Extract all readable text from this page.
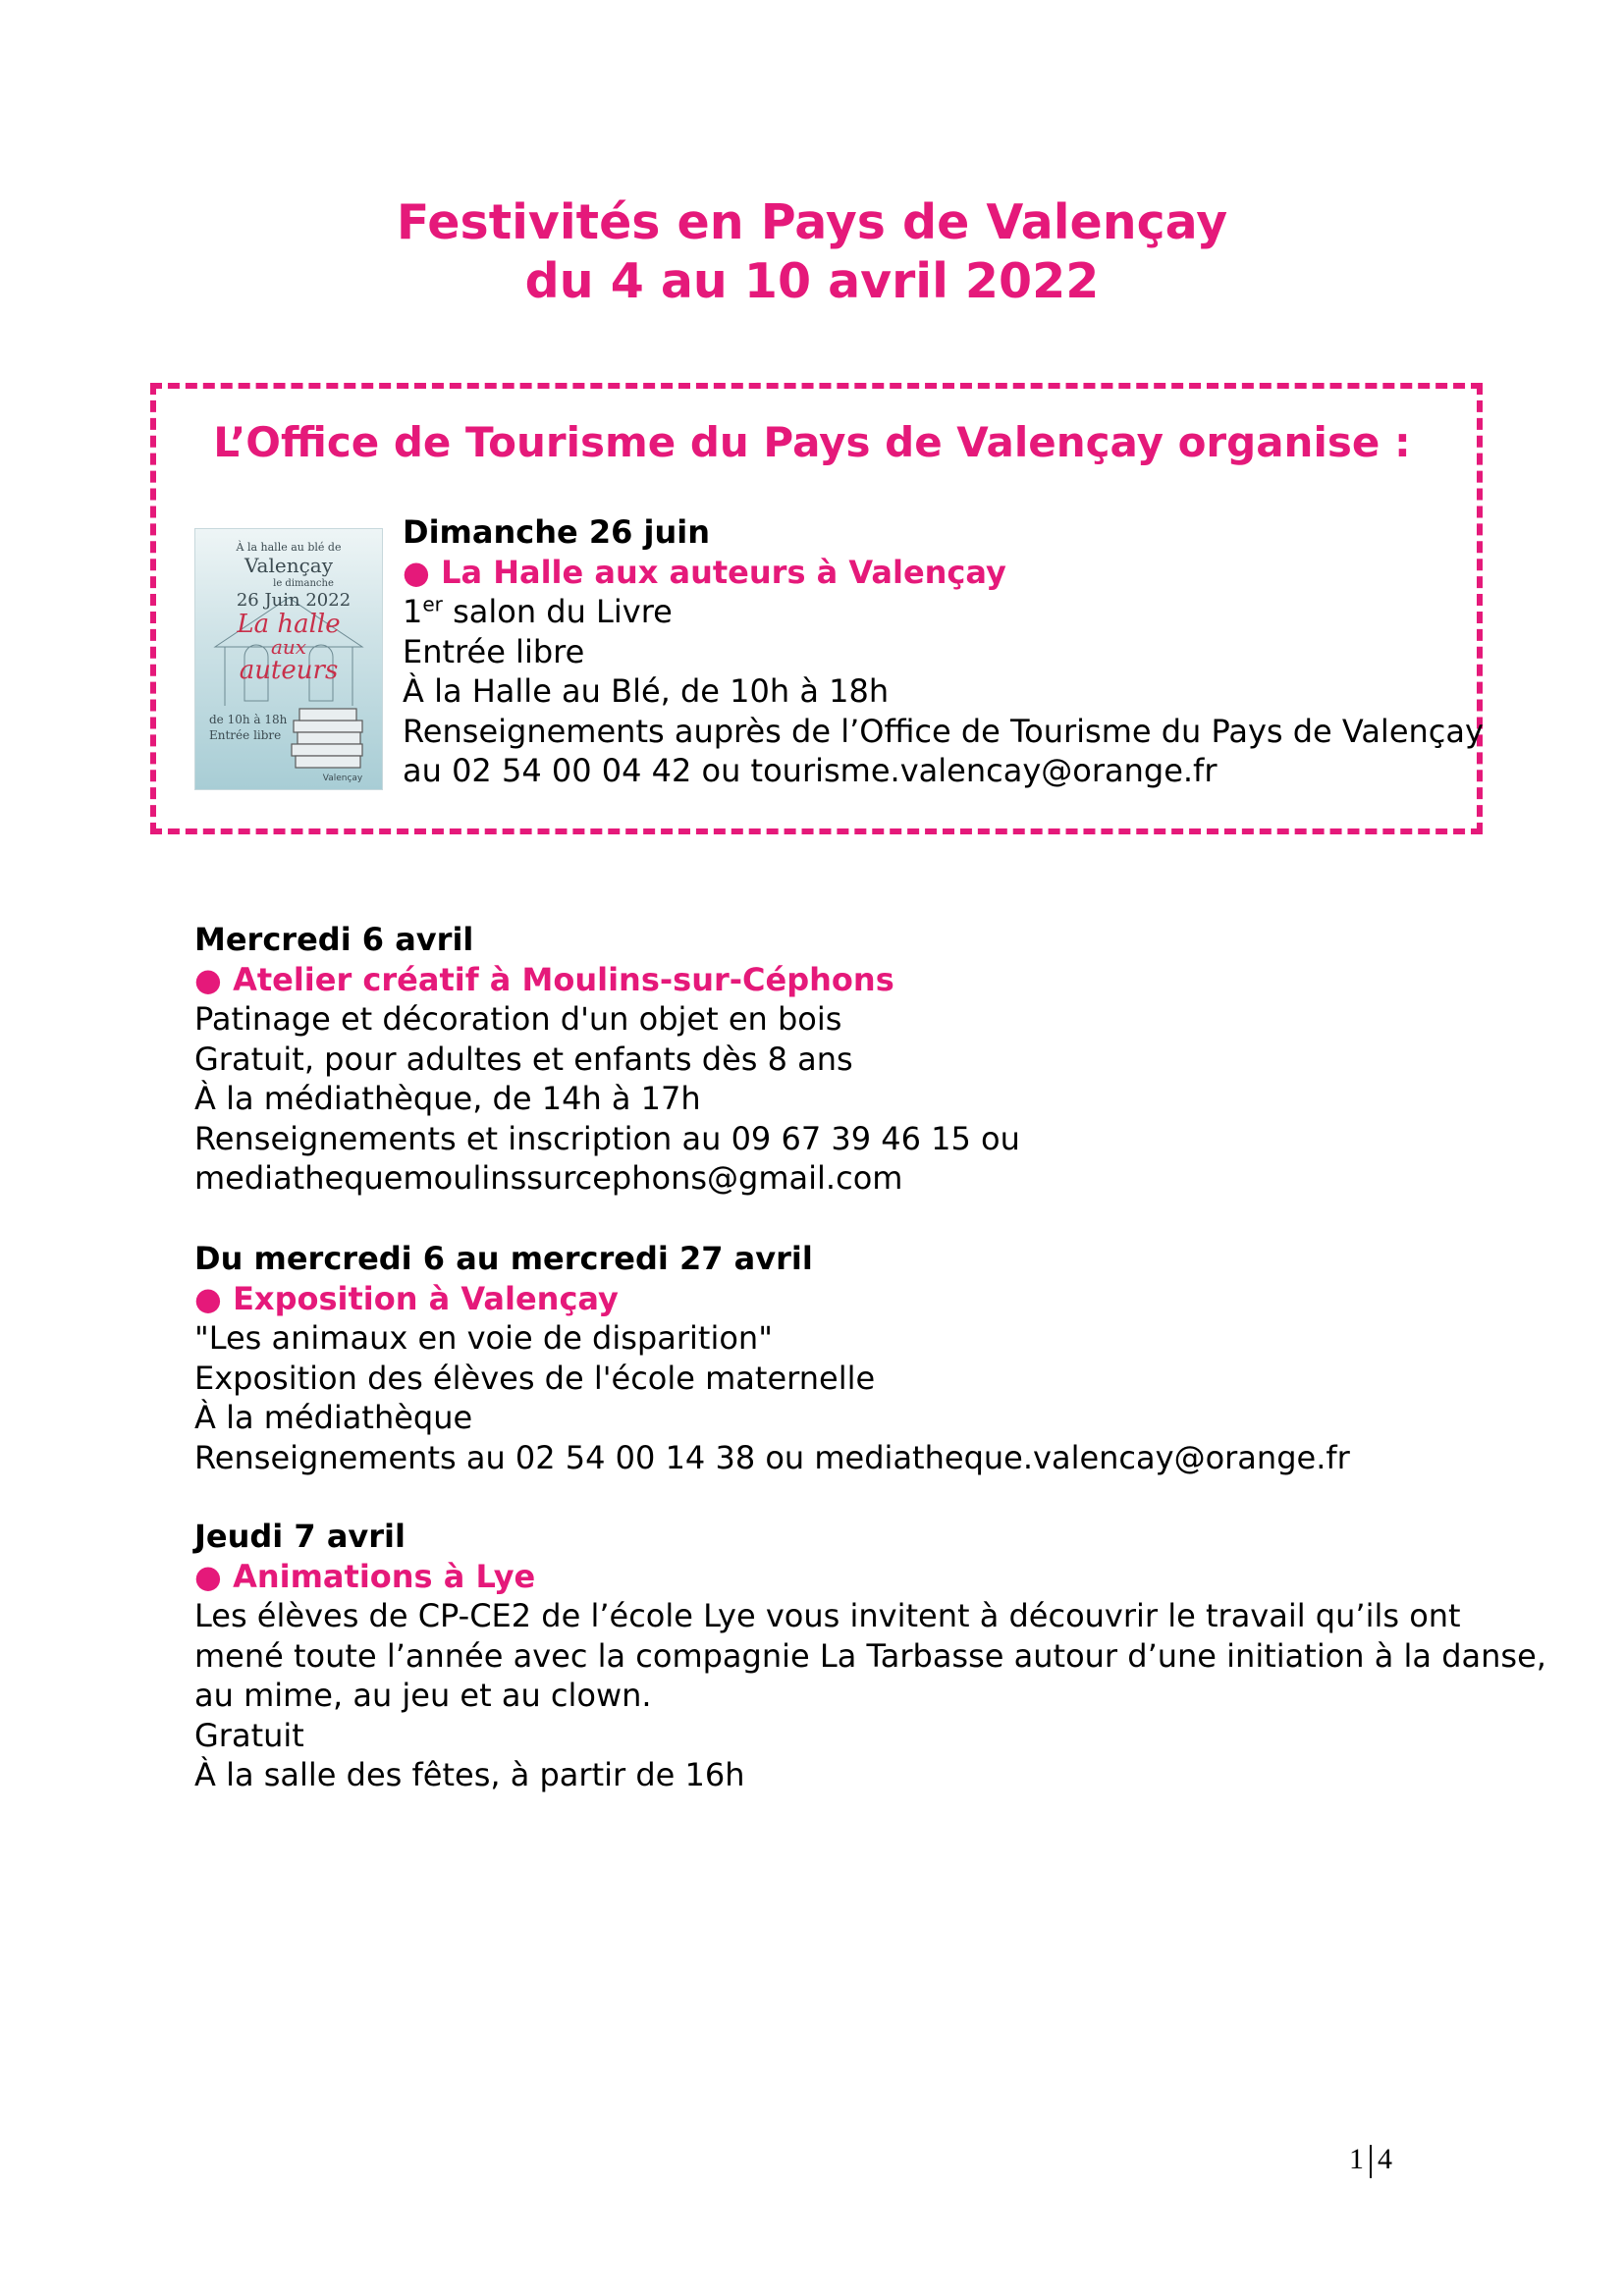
Festivités en Pays de Valençay
du 4 au 10 avril 2022
L’Office de Tourisme du Pays de Valençay organise :
À la halle au blé de
Valençay
le dimanche
26 Juin 2022
La halle
aux
auteurs
de 10h à 18h
Entrée libre
Valençay
Dimanche 26 juin
● La Halle aux auteurs à Valençay
1er salon du Livre
Entrée libre
À la Halle au Blé, de 10h à 18h
Renseignements auprès de l’Office de Tourisme du Pays de Valençay
au 02 54 00 04 42 ou tourisme.valencay@orange.fr
Mercredi 6 avril
● Atelier créatif à Moulins-sur-Céphons
Patinage et décoration d'un objet en bois
Gratuit, pour adultes et enfants dès 8 ans
À la médiathèque, de 14h à 17h
Renseignements et inscription au 09 67 39 46 15 ou
mediathequemoulinssurcephons@gmail.com
Du mercredi 6 au mercredi 27 avril
● Exposition à Valençay
"Les animaux en voie de disparition"
Exposition des élèves de l'école maternelle
À la médiathèque
Renseignements au 02 54 00 14 38 ou mediatheque.valencay@orange.fr
Jeudi 7 avril
● Animations à Lye
Les élèves de CP-CE2 de l’école Lye vous invitent à découvrir le travail qu’ils ont
mené toute l’année avec la compagnie La Tarbasse autour d’une initiation à la danse,
au mime, au jeu et au clown.
Gratuit
À la salle des fêtes, à partir de 16h
1 4
